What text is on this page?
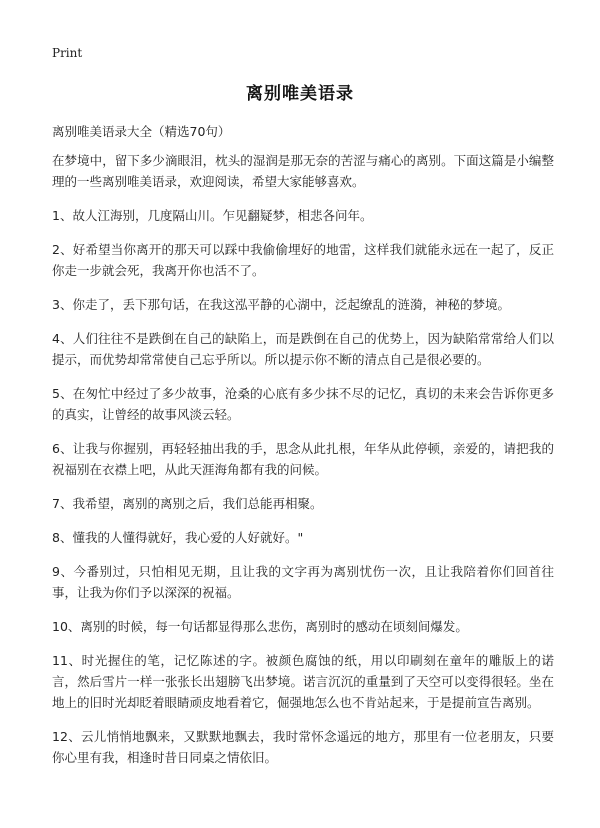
Print
离别唯美语录
离别唯美语录大全（精选70句）

在梦境中，留下多少滴眼泪，枕头的湿润是那无奈的苦涩与痛心的离别。下面这篇是小编整理的一些离别唯美语录，欢迎阅读，希望大家能够喜欢。

1、故人江海别，几度隔山川。乍见翻疑梦，相悲各问年。

2、好希望当你离开的那天可以踩中我偷偷埋好的地雷，这样我们就能永远在一起了，反正你走一步就会死，我离开你也活不了。

3、你走了，丢下那句话，在我这泓平静的心湖中，泛起缭乱的涟漪，神秘的梦境。

4、人们往往不是跌倒在自己的缺陷上，而是跌倒在自己的优势上，因为缺陷常常给人们以提示，而优势却常常使自己忘乎所以。所以提示你不断的清点自己是很必要的。

5、在匆忙中经过了多少故事，沧桑的心底有多少抹不尽的记忆，真切的未来会告诉你更多的真实，让曾经的故事风淡云轻。

6、让我与你握别，再轻轻抽出我的手，思念从此扎根，年华从此停顿，亲爱的，请把我的祝福别在衣襟上吧，从此天涯海角都有我的问候。

7、我希望，离别的离别之后，我们总能再相聚。

8、懂我的人懂得就好，我心爱的人好就好。"

9、今番别过，只怕相见无期，且让我的文字再为离别忧伤一次，且让我陪着你们回首往事，让我为你们予以深深的祝福。

10、离别的时候，每一句话都显得那么悲伤，离别时的感动在顷刻间爆发。

11、时光握住的笔，记忆陈述的字。被颜色腐蚀的纸，用以印刷刻在童年的雕版上的诺言，然后雪片一样一张张长出翅膀飞出梦境。诺言沉沉的重量到了天空可以变得很轻。坐在地上的旧时光却眨着眼睛顽皮地看着它，倔强地怎么也不肯站起来，于是提前宣告离别。

12、云儿悄悄地飘来，又默默地飘去，我时常怀念遥远的地方，那里有一位老朋友，只要你心里有我，相逢时昔日同桌之情依旧。
